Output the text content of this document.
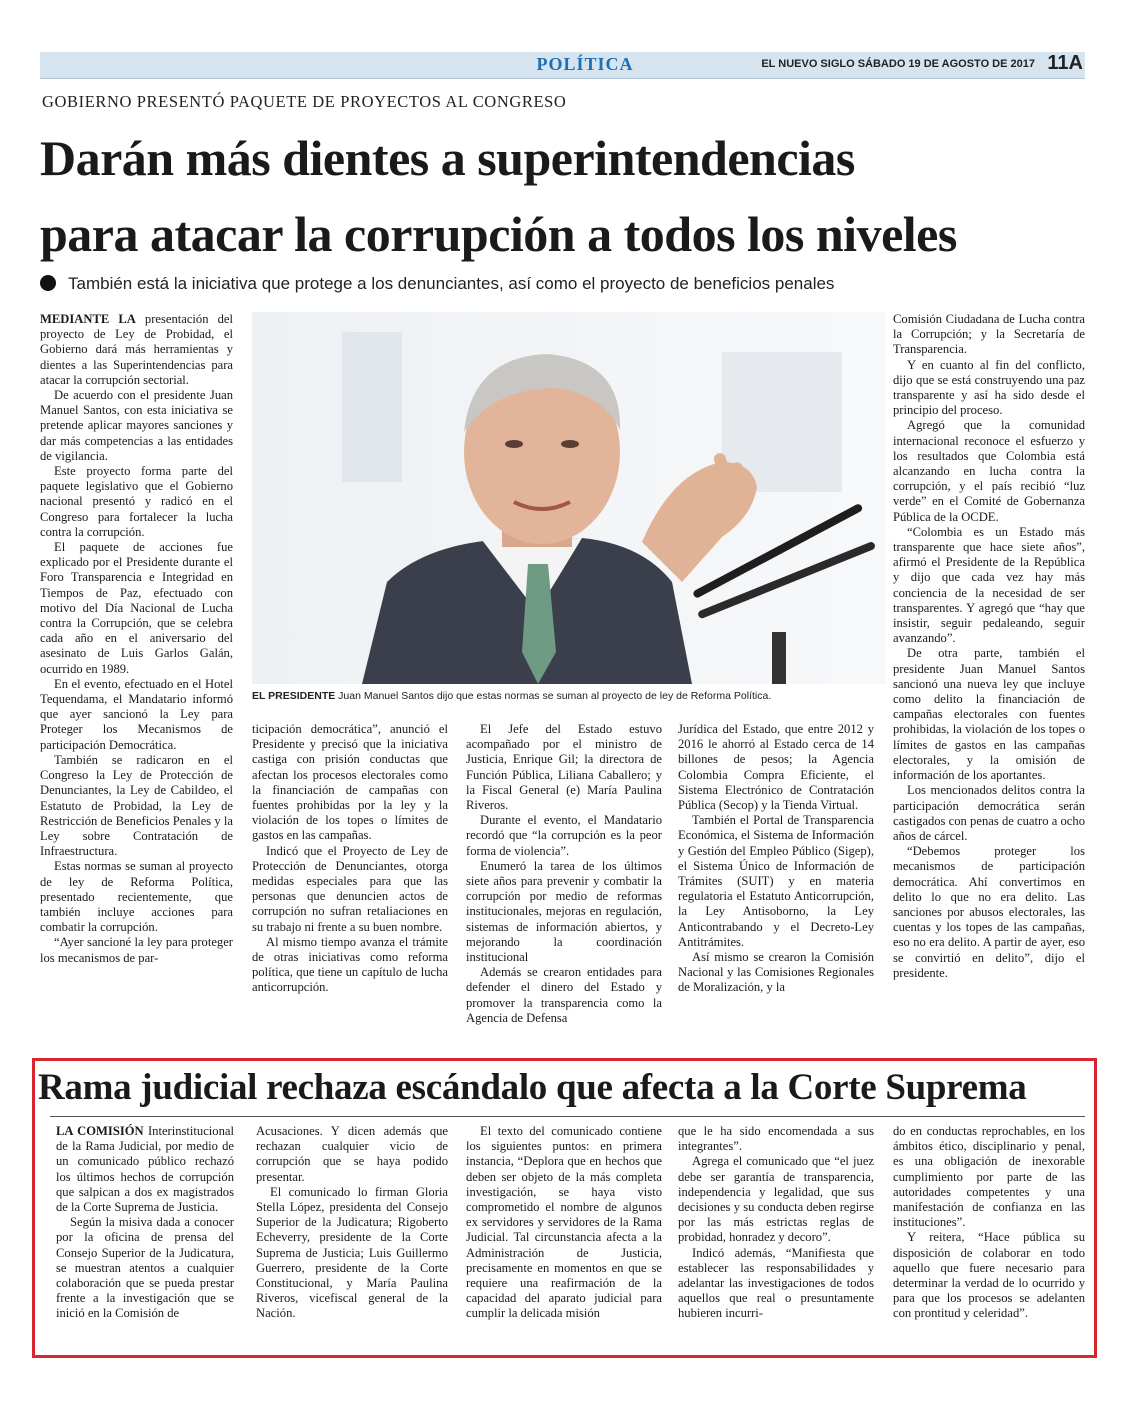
POLÍTICA	EL NUEVO SIGLO SÁBADO 19 DE AGOSTO DE 2017 11A
GOBIERNO PRESENTÓ PAQUETE DE PROYECTOS AL CONGRESO
Darán más dientes a superintendencias
para atacar la corrupción a todos los niveles
También está la iniciativa que protege a los denunciantes, así como el proyecto de beneficios penales

MEDIANTE LA presentación del proyecto de Ley de Probidad, el Gobierno dará más herramientas y dientes a las Superintendencias para atacar la corrupción sectorial.

De acuerdo con el presidente Juan Manuel Santos, con esta iniciativa se pretende aplicar mayores sanciones y dar más competencias a las entidades de vigilancia.

Este proyecto forma parte del paquete legislativo que el Gobierno nacional presentó y radicó en el Congreso para fortalecer la lucha contra la corrupción.

El paquete de acciones fue explicado por el Presidente durante el Foro Transparencia e Integridad en Tiempos de Paz, efectuado con motivo del Día Nacional de Lucha contra la Corrupción, que se celebra cada año en el aniversario del asesinato de Luis Garlos Galán, ocurrido en 1989.

En el evento, efectuado en el Hotel Tequendama, el Mandatario informó que ayer sancionó la Ley para Proteger los Mecanismos de participación Democrática.

También se radicaron en el Congreso la Ley de Protección de Denunciantes, la Ley de Cabildeo, el Estatuto de Probidad, la Ley de Restricción de Beneficios Penales y la Ley sobre Contratación de Infraestructura.

Estas normas se suman al proyecto de ley de Reforma Política, presentado recientemente, que también incluye acciones para combatir la corrupción.

“Ayer sancioné la ley para proteger los mecanismos de par-

EL PRESIDENTE Juan Manuel Santos dijo que estas normas se suman al proyecto de ley de Reforma Política.

ticipación democrática”, anunció el Presidente y precisó que la iniciativa castiga con prisión conductas que afectan los procesos electorales como la financiación de campañas con fuentes prohibidas por la ley y la violación de los topes o límites de gastos en las campañas.

Indicó que el Proyecto de Ley de Protección de Denunciantes, otorga medidas especiales para que las personas que denuncien actos de corrupción no sufran retaliaciones en su trabajo ni frente a su buen nombre.

Al mismo tiempo avanza el trámite de otras iniciativas como reforma política, que tiene un capítulo de lucha anticorrupción.

El Jefe del Estado estuvo acompañado por el ministro de Justicia, Enrique Gil; la directora de Función Pública, Liliana Caballero; y la Fiscal General (e) María Paulina Riveros.

Durante el evento, el Mandatario recordó que “la corrupción es la peor forma de violencia”.

Enumeró la tarea de los últimos siete años para prevenir y combatir la corrupción por medio de reformas institucionales, mejoras en regulación, sistemas de información abiertos, y mejorando la coordinación institucional

Además se crearon entidades para defender el dinero del Estado y promover la transparencia como la Agencia de Defensa

Jurídica del Estado, que entre 2012 y 2016 le ahorró al Estado cerca de 14 billones de pesos; la Agencia Colombia Compra Eficiente, el Sistema Electrónico de Contratación Pública (Secop) y la Tienda Virtual.

También el Portal de Transparencia Económica, el Sistema de Información y Gestión del Empleo Público (Sigep), el Sistema Único de Información de Trámites (SUIT) y en materia regulatoria el Estatuto Anticorrupción, la Ley Antisoborno, la Ley Anticontrabando y el Decreto-Ley Antitrámites.

Así mismo se crearon la Comisión Nacional y las Comisiones Regionales de Moralización, y la

Comisión Ciudadana de Lucha contra la Corrupción; y la Secretaría de Transparencia.

Y en cuanto al fin del conflicto, dijo que se está construyendo una paz transparente y así ha sido desde el principio del proceso.

Agregó que la comunidad internacional reconoce el esfuerzo y los resultados que Colombia está alcanzando en lucha contra la corrupción, y el país recibió “luz verde” en el Comité de Gobernanza Pública de la OCDE.

“Colombia es un Estado más transparente que hace siete años”, afirmó el Presidente de la República y dijo que cada vez hay más conciencia de la necesidad de ser transparentes. Y agregó que “hay que insistir, seguir pedaleando, seguir avanzando”.

De otra parte, también el presidente Juan Manuel Santos sancionó una nueva ley que incluye como delito la financiación de campañas electorales con fuentes prohibidas, la violación de los topes o límites de gastos en las campañas electorales, y la omisión de información de los aportantes.

Los mencionados delitos contra la participación democrática serán castigados con penas de cuatro a ocho años de cárcel.

“Debemos proteger los mecanismos de participación democrática. Ahí convertimos en delito lo que no era delito. Las sanciones por abusos electorales, las cuentas y los topes de las campañas, eso no era delito. A partir de ayer, eso se convirtió en delito”, dijo el presidente.

Rama judicial rechaza escándalo que afecta a la Corte Suprema

LA COMISIÓN Interinstitucional de la Rama Judicial, por medio de un comunicado público rechazó los últimos hechos de corrupción que salpican a dos ex magistrados de la Corte Suprema de Justicia.

Según la misiva dada a conocer por la oficina de prensa del Consejo Superior de la Judicatura, se muestran atentos a cualquier colaboración que se pueda prestar frente a la investigación que se inició en la Comisión de

Acusaciones. Y dicen además que rechazan cualquier vicio de corrupción que se haya podido presentar.

El comunicado lo firman Gloria Stella López, presidenta del Consejo Superior de la Judicatura; Rigoberto Echeverry, presidente de la Corte Suprema de Justicia; Luis Guillermo Guerrero, presidente de la Corte Constitucional, y María Paulina Riveros, vicefiscal general de la Nación.

El texto del comunicado contiene los siguientes puntos: en primera instancia, “Deplora que en hechos que deben ser objeto de la más completa investigación, se haya visto comprometido el nombre de algunos ex servidores y servidores de la Rama Judicial. Tal circunstancia afecta a la Administración de Justicia, precisamente en momentos en que se requiere una reafirmación de la capacidad del aparato judicial para cumplir la delicada misión

que le ha sido encomendada a sus integrantes”.

Agrega el comunicado que “el juez debe ser garantía de transparencia, independencia y legalidad, que sus decisiones y su conducta deben regirse por las más estrictas reglas de probidad, honradez y decoro”.

Indicó además, “Manifiesta que establecer las responsabilidades y adelantar las investigaciones de todos aquellos que real o presuntamente hubieren incurri-

do en conductas reprochables, en los ámbitos ético, disciplinario y penal, es una obligación de inexorable cumplimiento por parte de las autoridades competentes y una manifestación de confianza en las instituciones”.

Y reitera, “Hace pública su disposición de colaborar en todo aquello que fuere necesario para determinar la verdad de lo ocurrido y para que los procesos se adelanten con prontitud y celeridad”.
